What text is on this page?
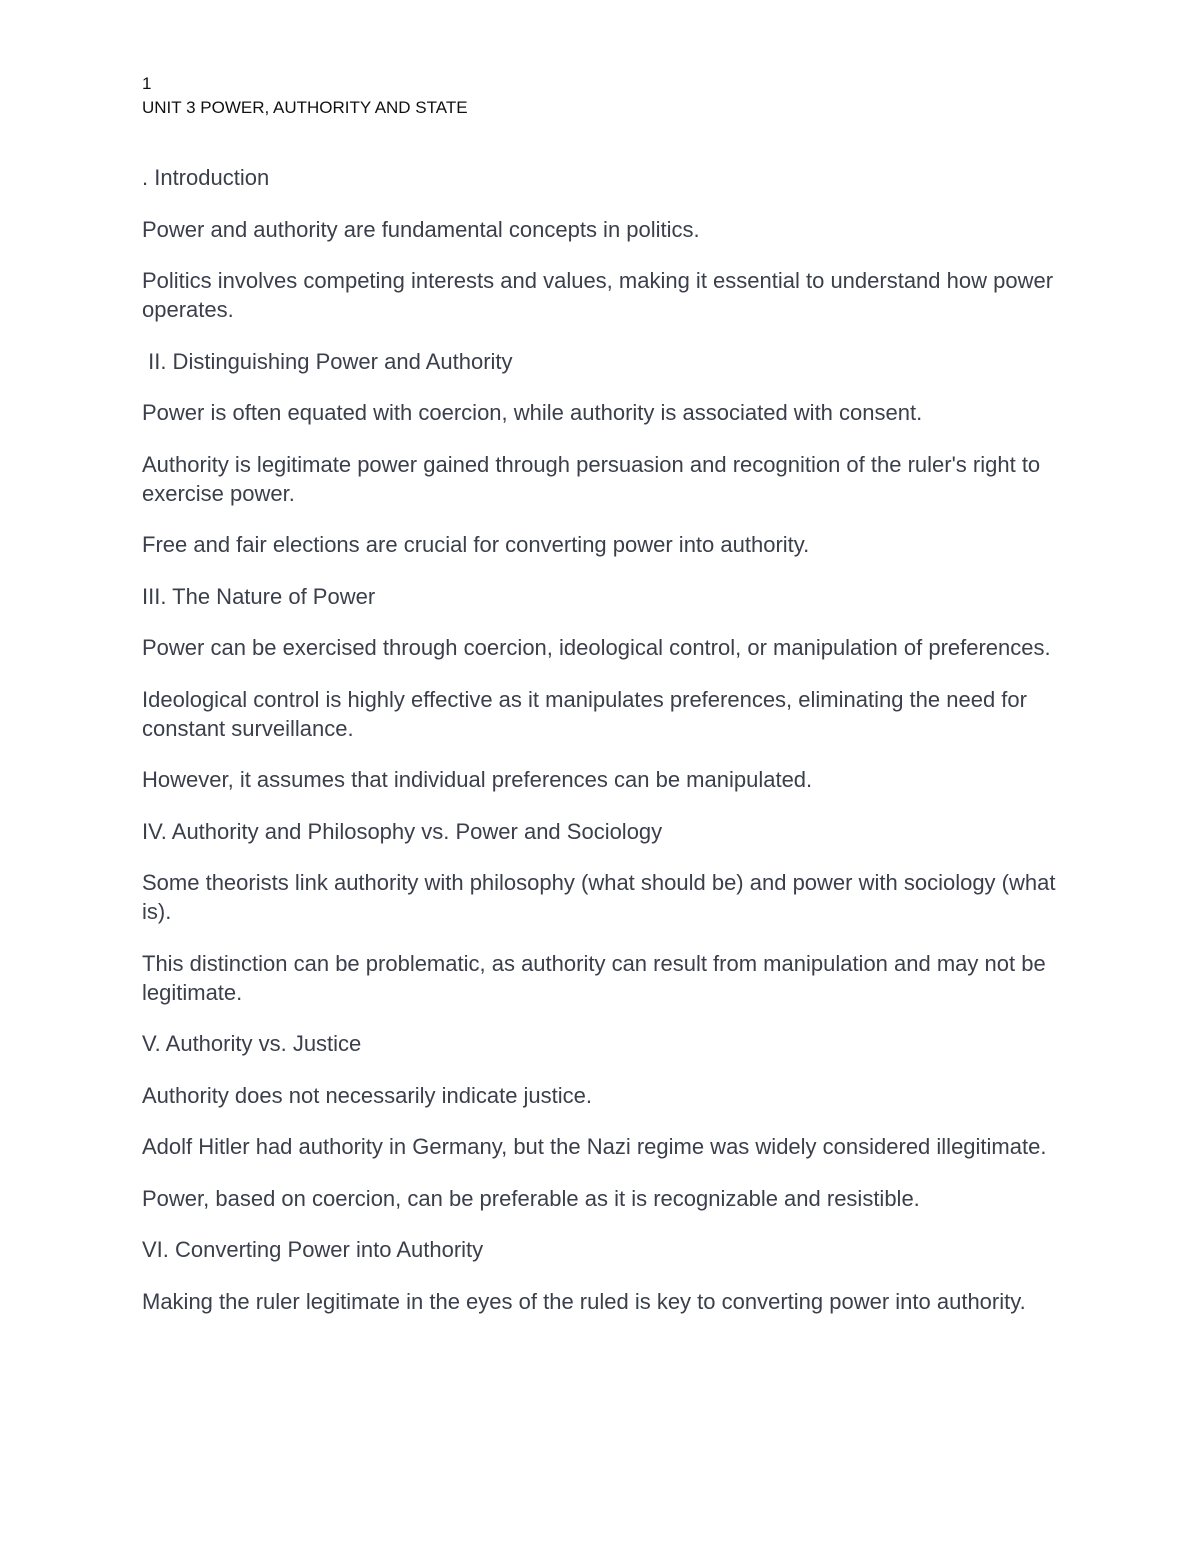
1
UNIT 3 POWER, AUTHORITY AND STATE

. Introduction

Power and authority are fundamental concepts in politics.

Politics involves competing interests and values, making it essential to understand how power operates.

II. Distinguishing Power and Authority

Power is often equated with coercion, while authority is associated with consent.

Authority is legitimate power gained through persuasion and recognition of the ruler's right to exercise power.

Free and fair elections are crucial for converting power into authority.

III. The Nature of Power

Power can be exercised through coercion, ideological control, or manipulation of preferences.

Ideological control is highly effective as it manipulates preferences, eliminating the need for constant surveillance.

However, it assumes that individual preferences can be manipulated.

IV. Authority and Philosophy vs. Power and Sociology

Some theorists link authority with philosophy (what should be) and power with sociology (what is).

This distinction can be problematic, as authority can result from manipulation and may not be legitimate.

V. Authority vs. Justice

Authority does not necessarily indicate justice.

Adolf Hitler had authority in Germany, but the Nazi regime was widely considered illegitimate.

Power, based on coercion, can be preferable as it is recognizable and resistible.

VI. Converting Power into Authority

Making the ruler legitimate in the eyes of the ruled is key to converting power into authority.
